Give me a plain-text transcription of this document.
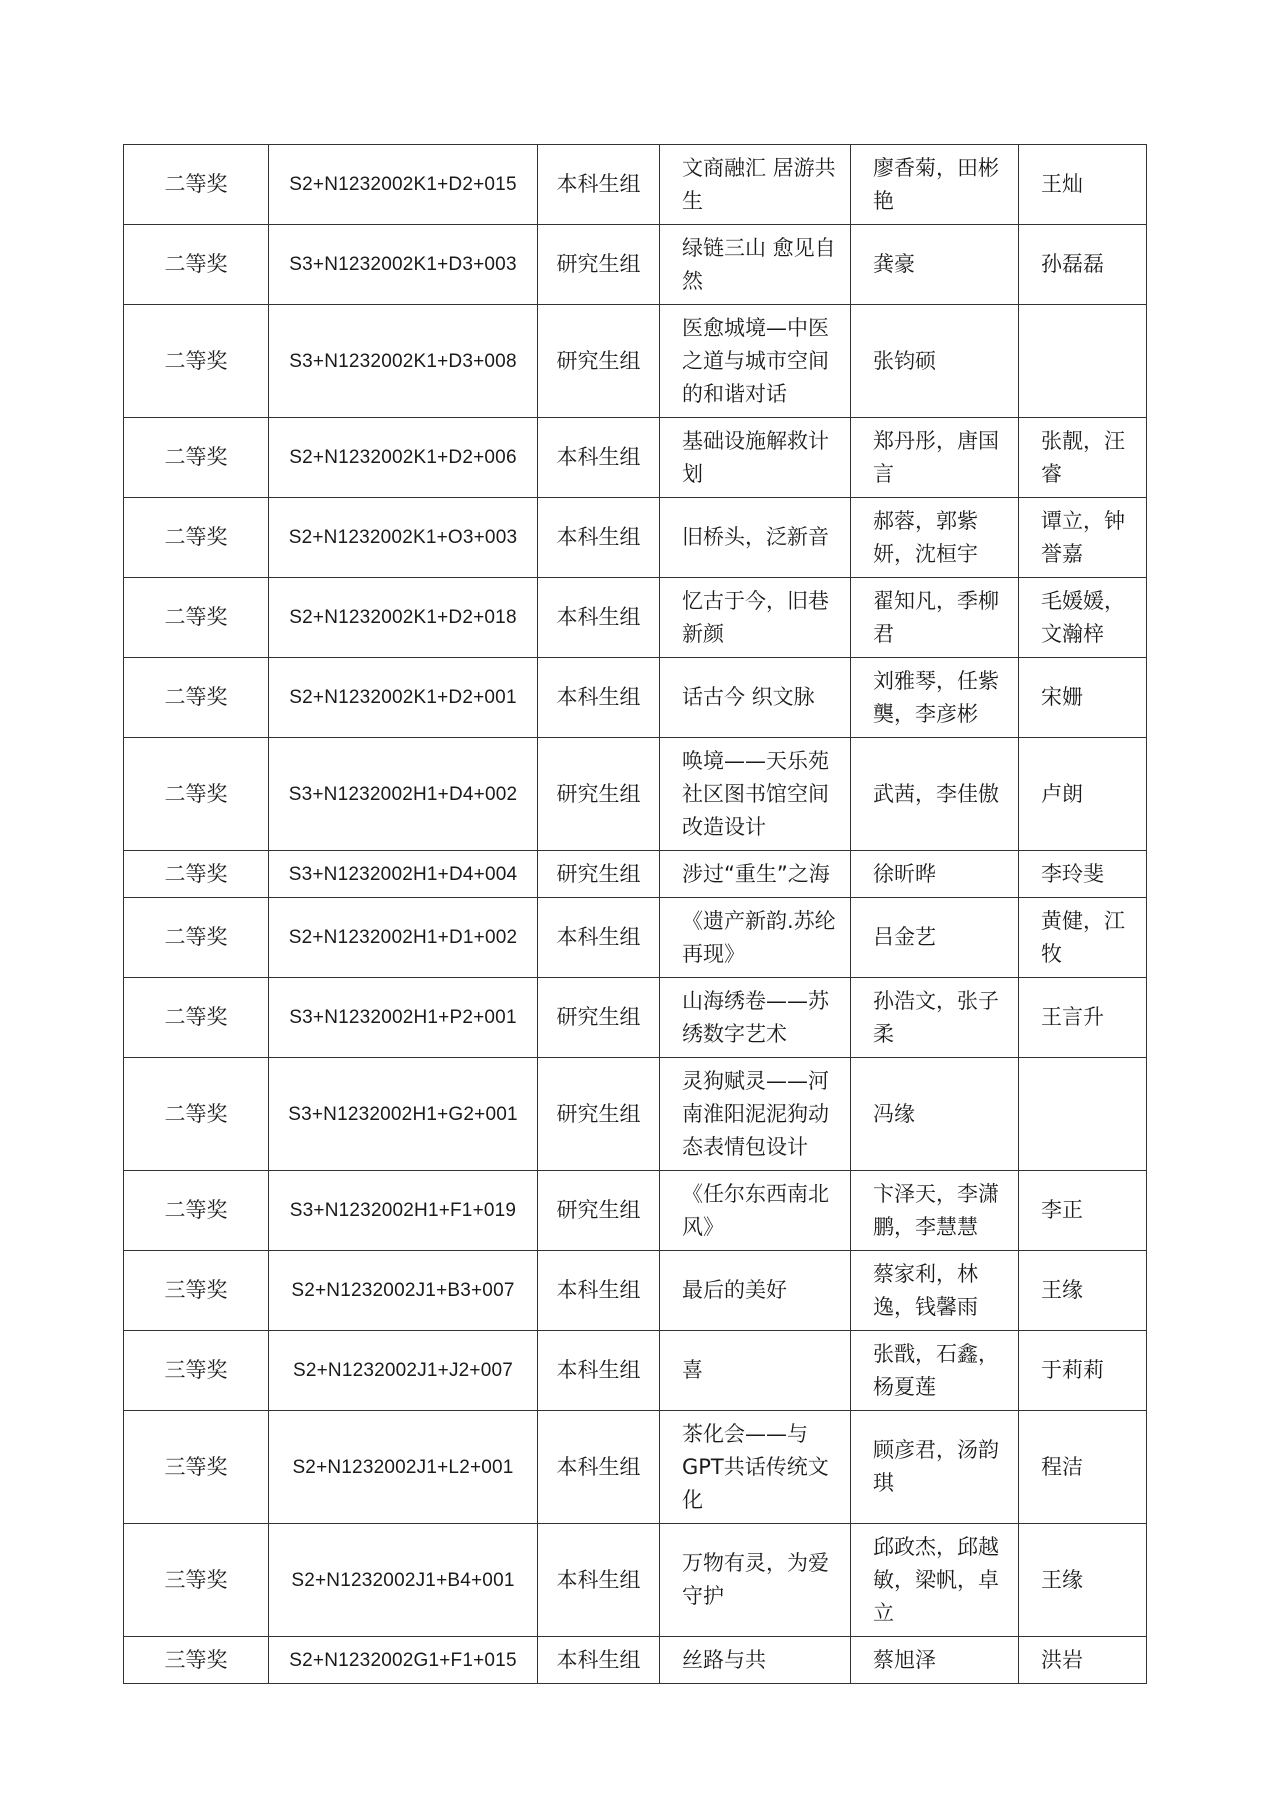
二等奖	S2+N1232002K1+D2+015	本科生组	文商融汇 居游共生	廖香菊，田彬艳	王灿
二等奖	S3+N1232002K1+D3+003	研究生组	绿链三山 愈见自然	龚豪	孙磊磊
二等奖	S3+N1232002K1+D3+008	研究生组	医愈城境—中医之道与城市空间的和谐对话	张钧硕	
二等奖	S2+N1232002K1+D2+006	本科生组	基础设施解救计划	郑丹彤，唐国言	张靓，汪睿
二等奖	S2+N1232002K1+O3+003	本科生组	旧桥头，泛新音	郝蓉，郭紫妍，沈桓宇	谭立，钟誉嘉
二等奖	S2+N1232002K1+D2+018	本科生组	忆古于今，旧巷新颜	翟知凡，季柳君	毛媛媛，文瀚梓
二等奖	S2+N1232002K1+D2+001	本科生组	话古今 织文脉	刘雅琴，任紫龑，李彦彬	宋姗
二等奖	S3+N1232002H1+D4+002	研究生组	唤境——天乐苑社区图书馆空间改造设计	武茜，李佳傲	卢朗
二等奖	S3+N1232002H1+D4+004	研究生组	涉过“重生”之海	徐昕晔	李玲斐
二等奖	S2+N1232002H1+D1+002	本科生组	《遗产新韵.苏纶再现》	吕金艺	黄健，江牧
二等奖	S3+N1232002H1+P2+001	研究生组	山海绣卷——苏绣数字艺术	孙浩文，张子柔	王言升
二等奖	S3+N1232002H1+G2+001	研究生组	灵狗赋灵——河南淮阳泥泥狗动态表情包设计	冯缘	
二等奖	S3+N1232002H1+F1+019	研究生组	《任尔东西南北风》	卞泽天，李潇鹏，李慧慧	李正
三等奖	S2+N1232002J1+B3+007	本科生组	最后的美好	蔡家利，林逸，钱馨雨	王缘
三等奖	S2+N1232002J1+J2+007	本科生组	喜	张戬，石鑫，杨夏莲	于莉莉
三等奖	S2+N1232002J1+L2+001	本科生组	茶化会——与GPT共话传统文化	顾彦君，汤韵琪	程洁
三等奖	S2+N1232002J1+B4+001	本科生组	万物有灵，为爱守护	邱政杰，邱越敏，梁帆，卓立	王缘
三等奖	S2+N1232002G1+F1+015	本科生组	丝路与共	蔡旭泽	洪岩
